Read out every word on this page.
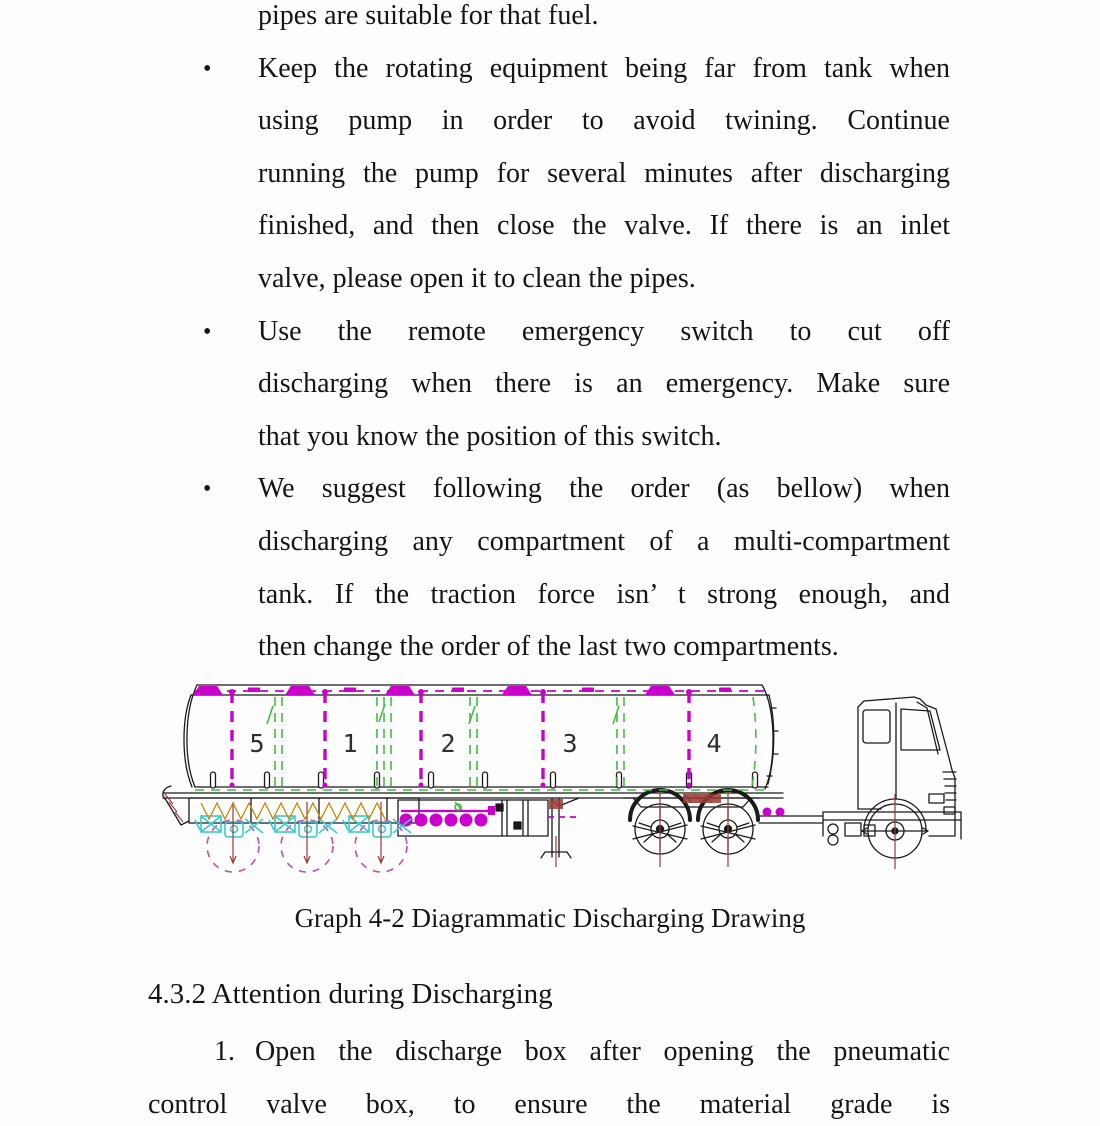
pipes are suitable for that fuel.
• Keep the rotating equipment being far from tank when
using pump in order to avoid twining. Continue
running the pump for several minutes after discharging
finished, and then close the valve. If there is an inlet
valve, please open it to clean the pipes.
• Use the remote emergency switch to cut off
discharging when there is an emergency. Make sure
that you know the position of this switch.
• We suggest following the order (as bellow) when
discharging any compartment of a multi-compartment
tank. If the traction force isn’ t strong enough, and
then change the order of the last two compartments.
5	1	2	3	4
Graph 4-2 Diagrammatic Discharging Drawing
4.3.2 Attention during Discharging
1. Open the discharge box after opening the pneumatic
control valve box, to ensure the material grade is
